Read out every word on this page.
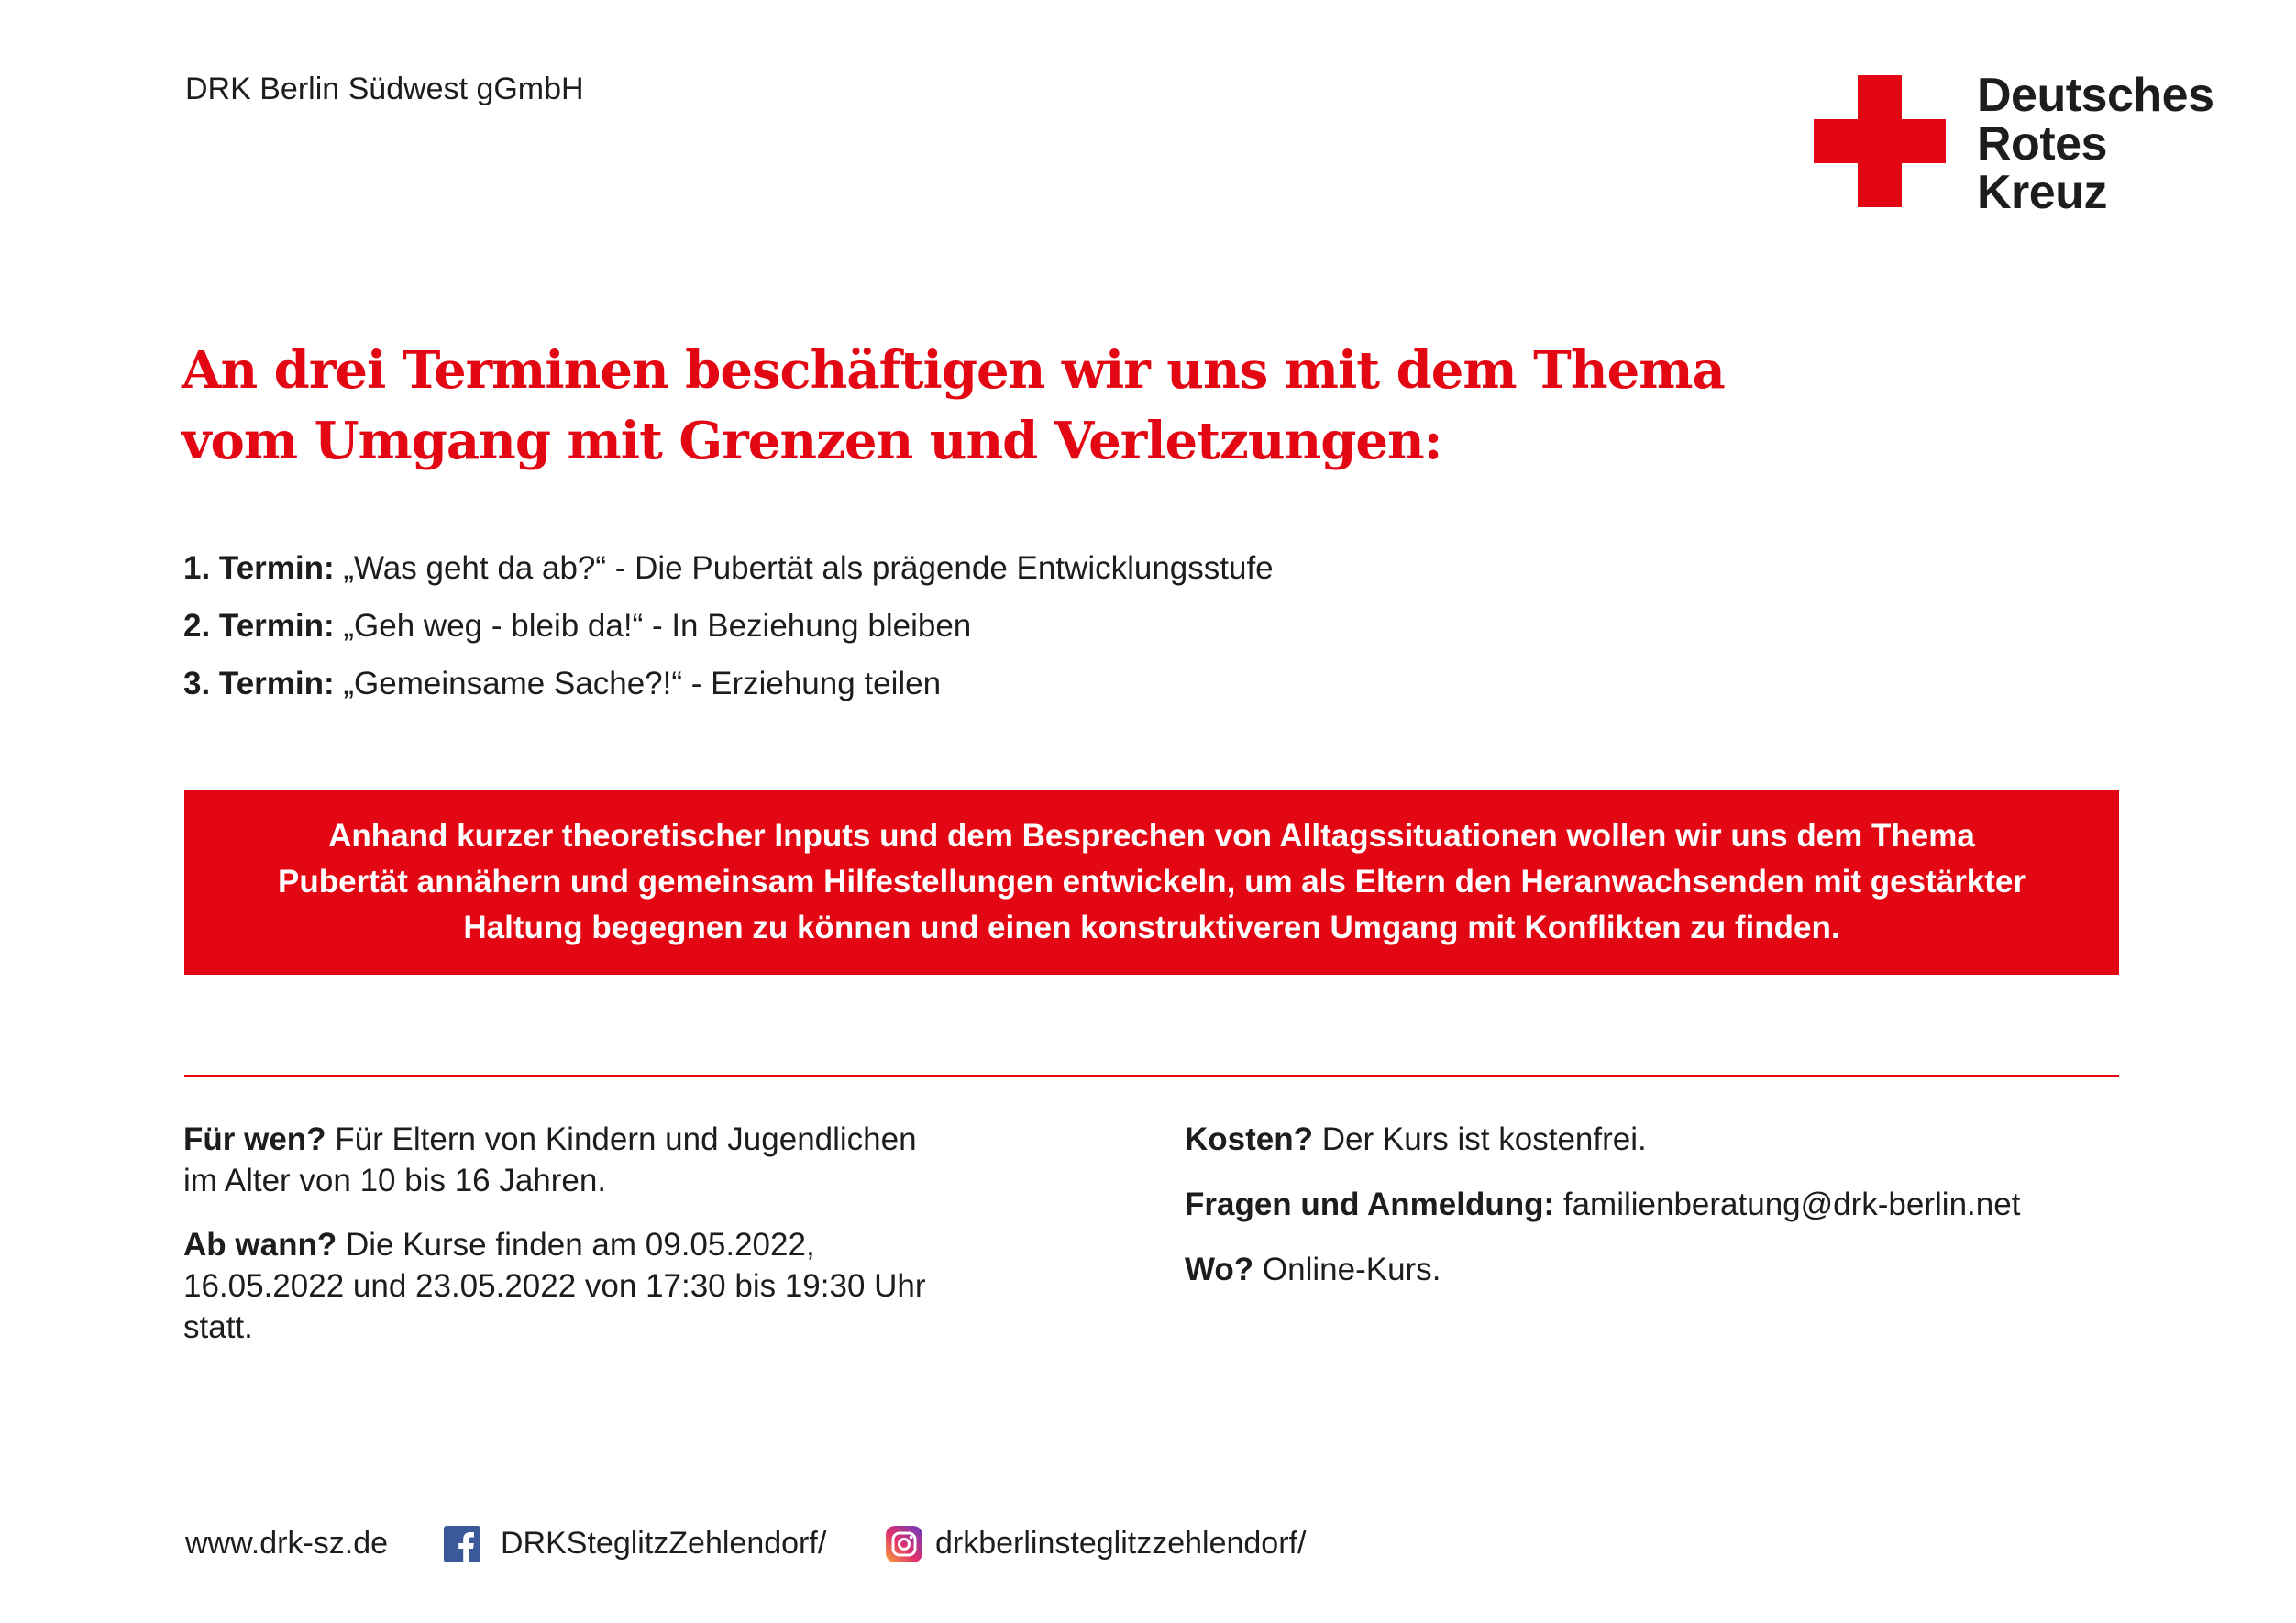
DRK Berlin Südwest gGmbH	Deutsches
Rotes
Kreuz
An drei Terminen beschäftigen wir uns mit dem Thema
vom Umgang mit Grenzen und Verletzungen:
1. Termin: „Was geht da ab?“ - Die Pubertät als prägende Entwicklungsstufe
2. Termin: „Geh weg - bleib da!“ - In Beziehung bleiben
3. Termin: „Gemeinsame Sache?!“ - Erziehung teilen
Anhand kurzer theoretischer Inputs und dem Besprechen von Alltagssituationen wollen wir uns dem Thema
Pubertät annähern und gemeinsam Hilfestellungen entwickeln, um als Eltern den Heranwachsenden mit gestärkter
Haltung begegnen zu können und einen konstruktiveren Umgang mit Konflikten zu finden.
Für wen? Für Eltern von Kindern und Jugendlichen
im Alter von 10 bis 16 Jahren.
Ab wann? Die Kurse finden am 09.05.2022,
16.05.2022 und 23.05.2022 von 17:30 bis 19:30 Uhr
statt.
Kosten? Der Kurs ist kostenfrei.
Fragen und Anmeldung: familienberatung@drk-berlin.net
Wo? Online-Kurs.
www.drk-sz.de	DRKSteglitzZehlendorf/	drkberlinsteglitzzehlendorf/
